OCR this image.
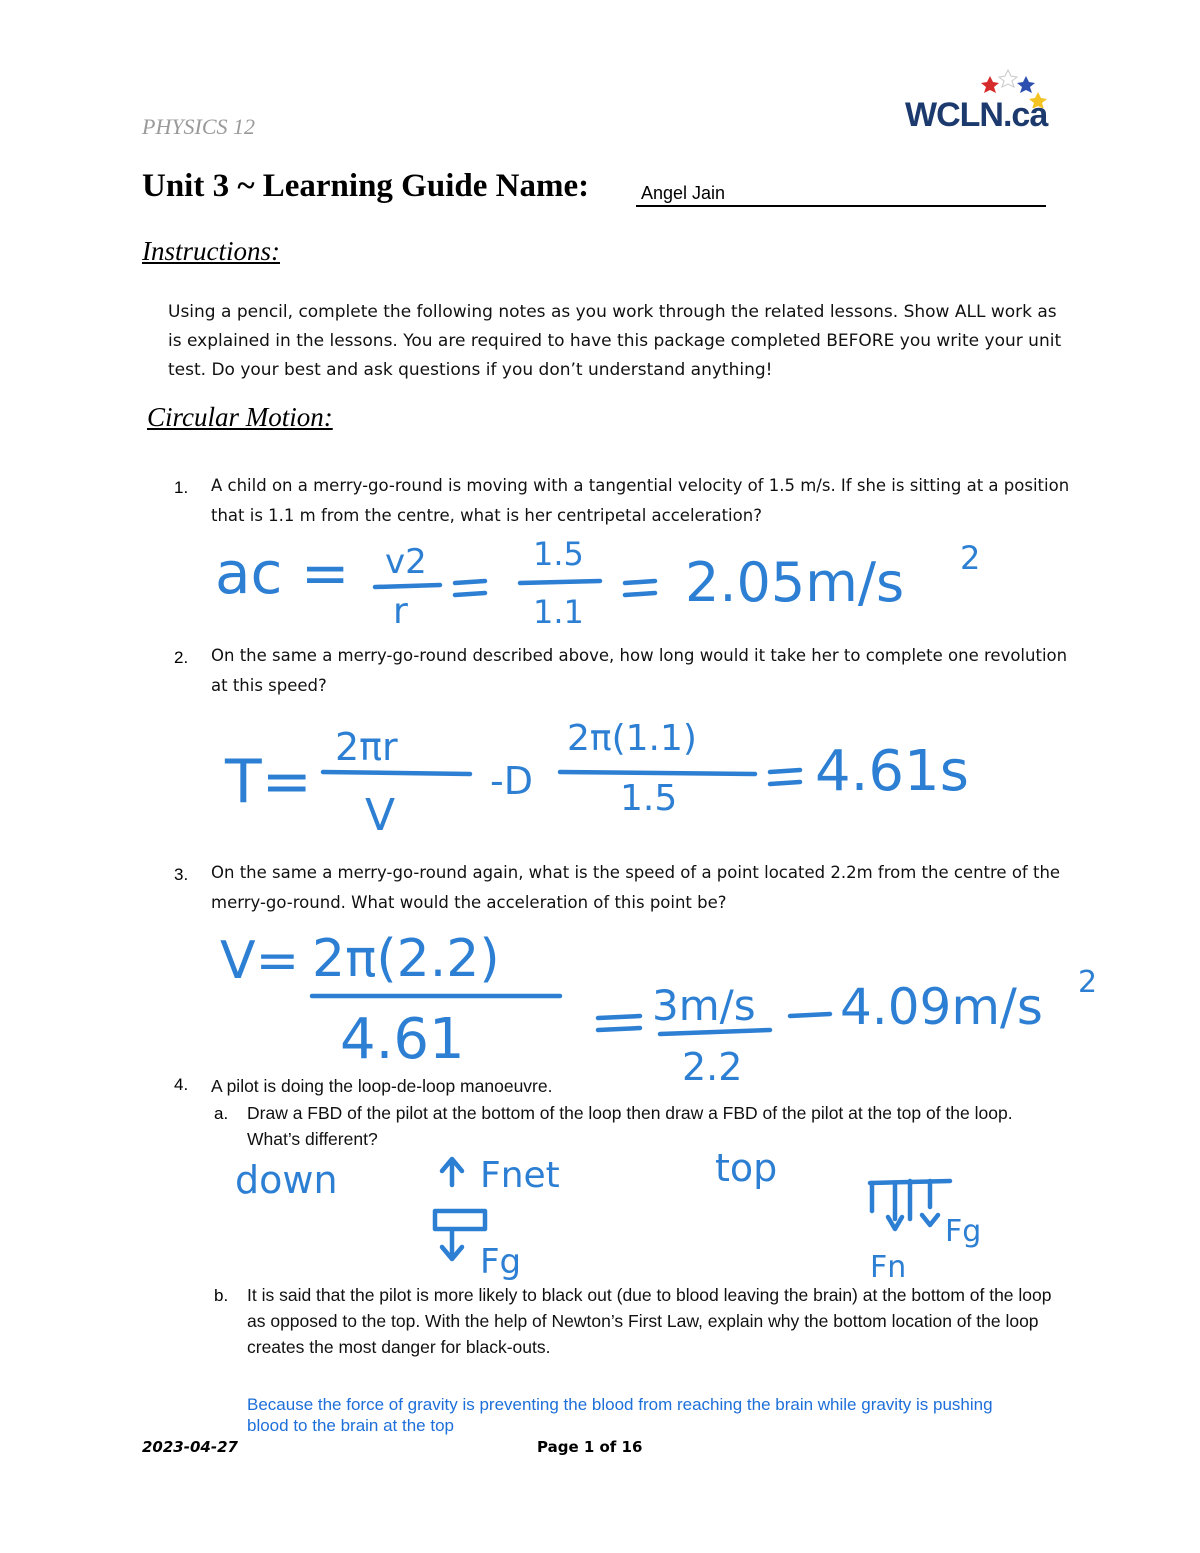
PHYSICS 12	WCLN.ca
Unit 3 ~ Learning Guide Name:	Angel Jain
Instructions:
Using a pencil, complete the following notes as you work through the related lessons. Show ALL work as is explained in the lessons. You are required to have this package completed BEFORE you write your unit test. Do your best and ask questions if you don’t understand anything!
Circular Motion:
1. A child on a merry-go-round is moving with a tangential velocity of 1.5 m/s. If she is sitting at a position that is 1.1 m from the centre, what is her centripetal acceleration?
ac = v2
r
1.5
1.1 2.05m/s 2
2. On the same a merry-go-round described above, how long would it take her to complete one revolution at this speed?
T= 2πr
V
-D
2π(1.1)
1.5 4.61s
3. On the same a merry-go-round again, what is the speed of a point located 2.2m from the centre of the merry-go-round. What would the acceleration of this point be?
V= 2π(2.2)
4.61
3m/s
2.2
4.09m/s 2
4. A pilot is doing the loop-de-loop manoeuvre.
a. Draw a FBD of the pilot at the bottom of the loop then draw a FBD of the pilot at the top of the loop. What’s different?
down	Fnet
Fg
top
Fg
Fn
b. It is said that the pilot is more likely to black out (due to blood leaving the brain) at the bottom of the loop as opposed to the top. With the help of Newton’s First Law, explain why the bottom location of the loop creates the most danger for black-outs.
Because the force of gravity is preventing the blood from reaching the brain while gravity is pushing blood to the brain at the top
2023-04-27	Page 1 of 16
